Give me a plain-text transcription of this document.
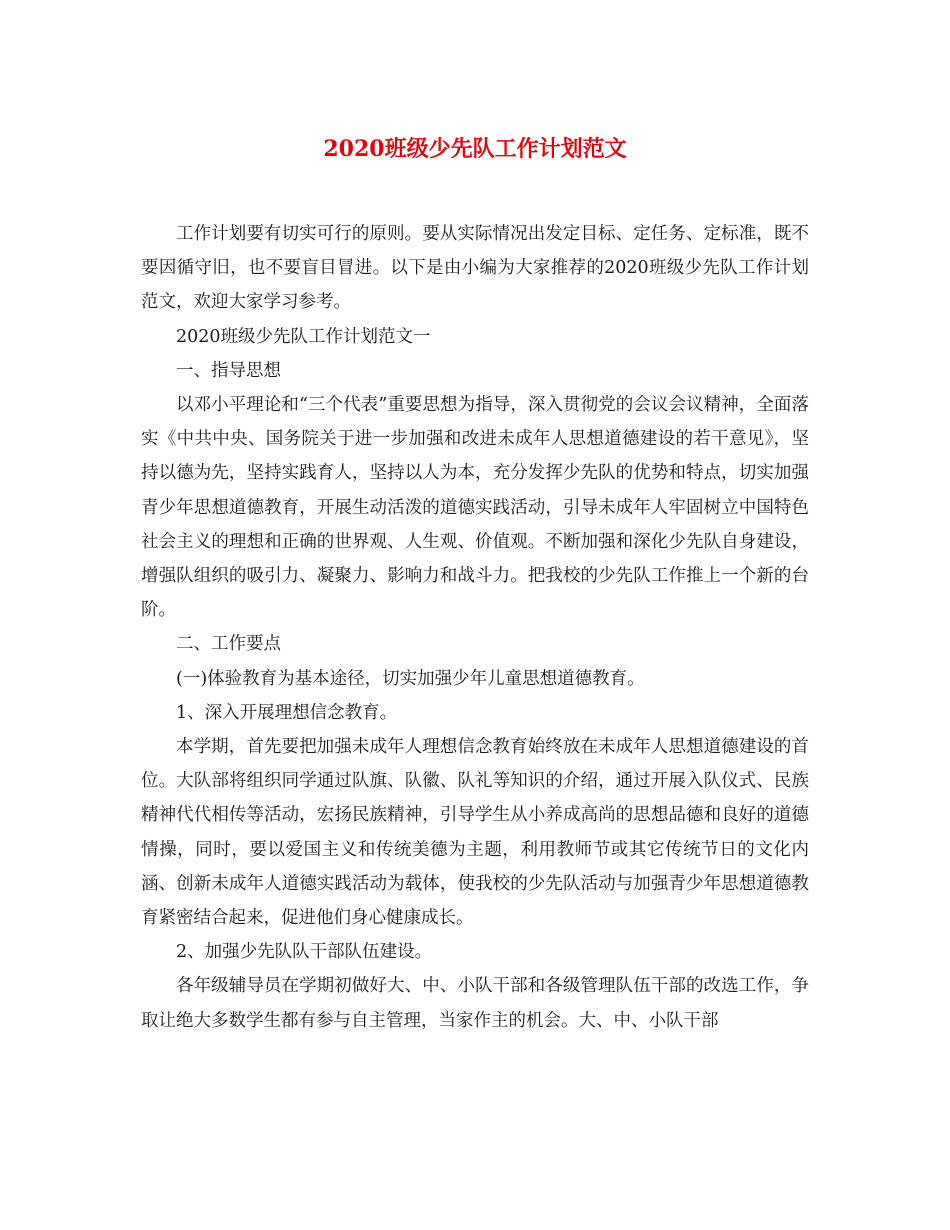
2020班级少先队工作计划范文

工作计划要有切实可行的原则。要从实际情况出发定目标、定任务、定标准，既不要因循守旧，也不要盲目冒进。以下是由小编为大家推荐的2020班级少先队工作计划范文，欢迎大家学习参考。

2020班级少先队工作计划范文一

一、指导思想

以邓小平理论和“三个代表”重要思想为指导，深入贯彻党的会议会议精神，全面落实《中共中央、国务院关于进一步加强和改进未成年人思想道德建设的若干意见》，坚持以德为先，坚持实践育人，坚持以人为本，充分发挥少先队的优势和特点，切实加强青少年思想道德教育，开展生动活泼的道德实践活动，引导未成年人牢固树立中国特色社会主义的理想和正确的世界观、人生观、价值观。不断加强和深化少先队自身建设，增强队组织的吸引力、凝聚力、影响力和战斗力。把我校的少先队工作推上一个新的台阶。

二、工作要点

(一)体验教育为基本途径，切实加强少年儿童思想道德教育。

1、深入开展理想信念教育。

本学期，首先要把加强未成年人理想信念教育始终放在未成年人思想道德建设的首位。大队部将组织同学通过队旗、队徽、队礼等知识的介绍，通过开展入队仪式、民族精神代代相传等活动，宏扬民族精神，引导学生从小养成高尚的思想品德和良好的道德情操，同时，要以爱国主义和传统美德为主题，利用教师节或其它传统节日的文化内涵、创新未成年人道德实践活动为载体，使我校的少先队活动与加强青少年思想道德教育紧密结合起来，促进他们身心健康成长。

2、加强少先队队干部队伍建设。

各年级辅导员在学期初做好大、中、小队干部和各级管理队伍干部的改选工作，争取让绝大多数学生都有参与自主管理，当家作主的机会。大、中、小队干部
